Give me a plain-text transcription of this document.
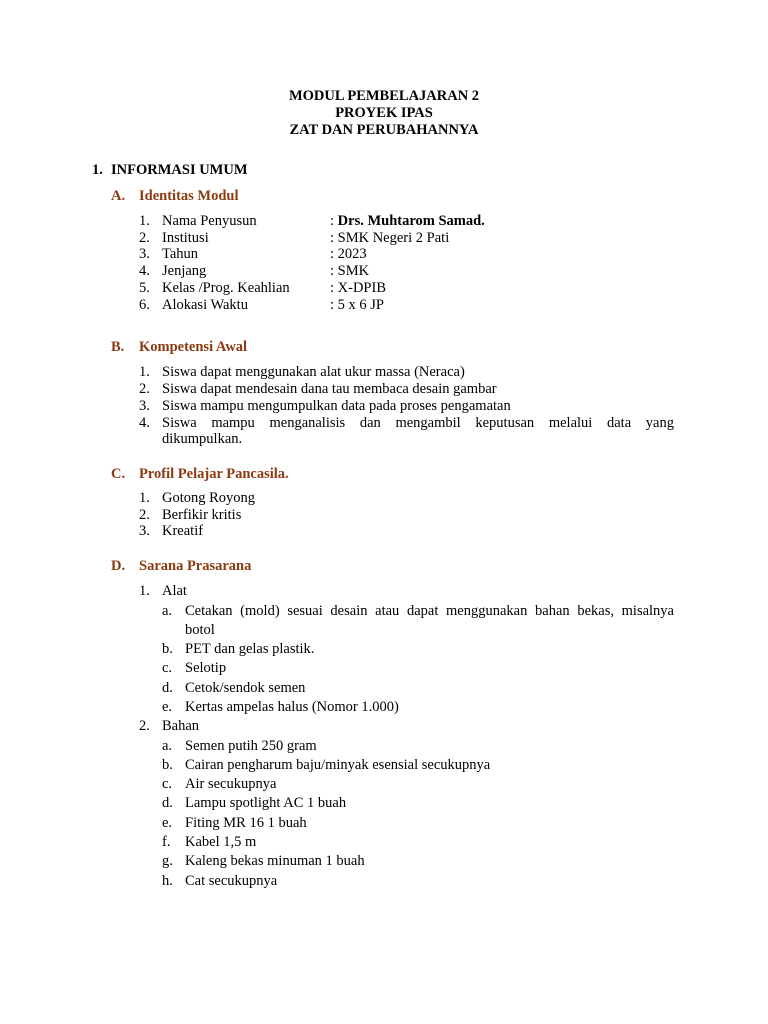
MODUL PEMBELAJARAN 2
PROYEK IPAS
ZAT DAN PERUBAHANNYA
1. INFORMASI UMUM
A. Identitas Modul
1. Nama Penyusun	: Drs. Muhtarom Samad.
2. Institusi	: SMK Negeri 2 Pati
3. Tahun	: 2023
4. Jenjang	: SMK
5. Kelas /Prog. Keahlian	: X-DPIB
6. Alokasi Waktu	: 5 x 6 JP
B. Kompetensi Awal
1. Siswa dapat menggunakan alat ukur massa (Neraca)
2. Siswa dapat mendesain dana tau membaca desain gambar
3. Siswa mampu mengumpulkan data pada proses pengamatan
4. Siswa mampu menganalisis dan mengambil keputusan melalui data yang
dikumpulkan.
C. Profil Pelajar Pancasila.
1. Gotong Royong
2. Berfikir kritis
3. Kreatif
D. Sarana Prasarana
1. Alat
a. Cetakan (mold) sesuai desain atau dapat menggunakan bahan bekas, misalnya
botol
b. PET dan gelas plastik.
c. Selotip
d. Cetok/sendok semen
e. Kertas ampelas halus (Nomor 1.000)
2. Bahan
a. Semen putih 250 gram
b. Cairan pengharum baju/minyak esensial secukupnya
c. Air secukupnya
d. Lampu spotlight AC 1 buah
e. Fiting MR 16 1 buah
f. Kabel 1,5 m
g. Kaleng bekas minuman 1 buah
h. Cat secukupnya
